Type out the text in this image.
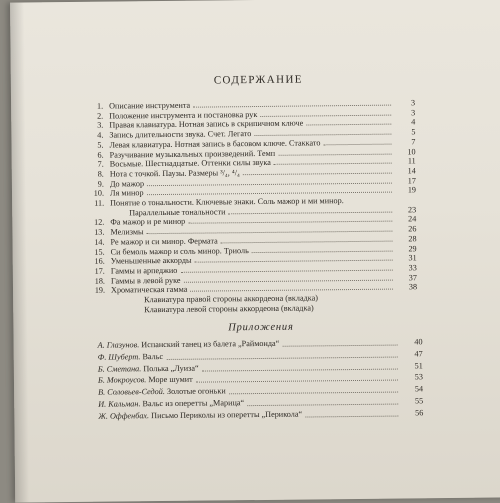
СОДЕРЖАНИЕ
1. Описание инструмента	3
2. Положение инструмента и постановка рук	3
3. Правая клавиатура. Нотная запись в скрипичном ключе	4
4. Запись длительности звука. Счет. Легато	5
5. Левая клавиатура. Нотная запись в басовом ключе. Стаккато	7
6. Разучивание музыкальных произведений. Темп	10
7. Восьмые. Шестнадцатые. Оттенки силы звука	11
8. Нота с точкой. Паузы. Размеры ³/₄, ⁴/₄	14
9. До мажор	17
10. Ля минор	19
11. Понятие о тональности. Ключевые знаки. Соль мажор и ми минор.
Параллельные тональности	23
12. Фа мажор и ре минор	24
13. Мелизмы	26
14. Ре мажор и си минор. Фермата	28
15. Си бемоль мажор и соль минор. Триоль	29
16. Уменьшенные аккорды	31
17. Гаммы и арпеджио	33
18. Гаммы в левой руке	37
19. Хроматическая гамма	38
Клавиатура правой стороны аккордеона (вкладка)
Клавиатура левой стороны аккордеона (вкладка)
Приложения
А. Глазунов. Испанский танец из балета „Раймонда“	40
Ф. Шуберт. Вальс	47
Б. Сметана. Полька „Луиза“	51
Б. Мокроусов. Море шумит	53
В. Соловьев-Седой. Золотые огоньки	54
И. Кальман. Вальс из оперетты „Марица“	55
Ж. Оффенбах. Письмо Периколы из оперетты „Перикола“	56
